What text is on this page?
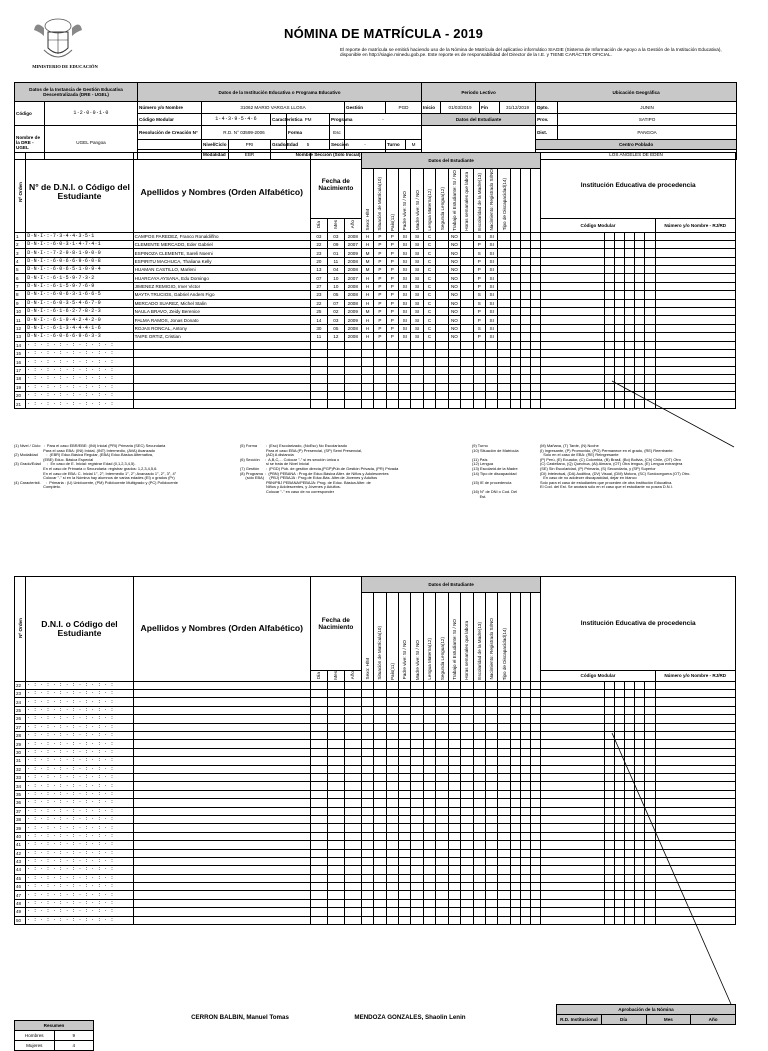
MINISTERIO DE EDUCACIÓN
NÓMINA DE MATRÍCULA - 2019
El reporte de matrícula se emitirá haciendo uso de la Nómina de Matrícula del aplicativo informático SIAGIE (Sistema de Información de Apoyo a la Gestión de la Institución Educativa), disponible en http://siagie.minedu.gob.pe. Este reporte es de responsabilidad del Director de la I.E. y TIENE CARÁCTER OFICIAL.
Datos de la Instancia de Gestión Educativa Descentralizada (DRE - UGEL)		Datos de la Institución Educativa o Programa Educativo									Periodo Lectivo				Ubicación Geográfica	
Código	1·2·0·0·1·0	Número y/o Nombre	31062 MARIO VARGAS LLOSA					Gestión	PGD		Inicio	01/03/2019	Fin	31/12/2019	Dpto.	JUNIN
		Código Modular	1·4·3·9·5·4·6		Característica	PM	Programa	-			Datos del Estudiante				Prov.	SATIPO
Nombre de la DRE - UGEL	UGEL Pangoa	Resolución de Creación N°	R.D. N° 03599-2006			Forma	Esc								Dist.	PANGOA
			Nivel/Ciclo	PRI	Grado/Edad	5	Sección	-	Turno	M					Centro Poblado	
			Modalidad	EBR	Nombre Sección (Solo Inicial)										LOS ANGELES DE EDEN	
Nº Orden	N° de D.N.I. o Código del Estudiante	Apellidos y Nombres (Orden Alfabético)	Fecha de Nacimiento			Datos del Estudiante															Institución Educativa de procedencia						
						Sexo: H/M	Situación de Matrícula(10)	País(11)	Padre vive: SI / NO	Madre vive: SI / NO	Lengua Materna(12)	Segunda Lengua(12)	Trabajo el Estudiante: SI / NO	Horas semanales que labora	Escolaridad de la Madre(13)	Nacimiento: Registrado SI/NO	Tipo de Discapacidad(14)										
			Día	Mes	Año																Código Modular						Número y/o Nombre - RJ/RD
1	D·N·I·:·7·3·4·4·3·5·1	CAMPOS PAREDEZ, Franco Ronaldiñho	03	03	2008	H	P	P	SI	SI	C		NO		S	SI											
2	D·N·I·:·6·0·3·1·4·7·4·1	CLEMENTE MERCADO, Eder Gabriel	22	09	2007	H	P	P	SI	SI	C		NO		P	SI											
3	D·N·I·:·7·2·9·8·1·9·0·0	ESPINOZA CLEMENTE, Sareli Noemi	23	01	2009	M	P	P	SI	SI	C		NO		S	SI											
4	D·N·I·:·6·0·6·6·9·6·0·8	ESPIRITU MACHUCA, Thaliana Kelly	20	11	2008	M	P	P	SI	SI	C		NO		P	SI											
5	D·N·I·:·6·0·6·5·1·0·9·4	HUAMAN CASTILLO, Marleni	13	04	2008	M	P	P	SI	SI	C		NO		P	SI											
6	D·N·I·:·6·1·5·9·7·3·2	HUARCAYA AYSANA, Edu Domingo	07	10	2007	H	P	P	SI	SI	C		NO		P	SI											
7	D·N·I·:·6·1·5·9·7·6·9	JIMENEZ REMIGIO, Imer Victor	27	10	2008	H	P	P	SI	SI	C		NO		P	SI											
8	D·N·I·:·6·0·6·3·1·6·6·5	MAYTA TRUCIOS, Gabriel Anders Figo	23	05	2008	H	P	P	SI	SI	C		NO		S	SI											
9	D·N·I·:·6·0·3·5·4·6·7·9	MERCADO SUAREZ, Michel Stalin	22	07	2008	H	P	P	SI	SI	C		NO		S	SI											
10	D·N·I·:·6·1·6·2·7·8·2·3	NAULA BRAVO, Zeidy Berenice	25	02	2009	M	P	P	SI	SI	C		NO		P	SI											
11	D·N·I·:·6·1·9·4·2·4·2·0	PALMA RAMOS, Jonas Donato	14	03	2009	H	P	P	SI	SI	C		NO		P	SI											
12	D·N·I·:·6·1·3·4·4·4·1·6	ROJAS RONCAL, Antony	30	05	2008	H	P	P	SI	SI	C		NO		S	SI											
13	D·N·I·:·6·0·6·6·9·6·3·3	TAIPE ORTIZ, Cristian	11	12	2008	H	P	P	SI	SI	C		NO		P	SI											
14	· : · : · : · : · : · : · :																										
15	· : · : · : · : · : · : · :																										
16	· : · : · : · : · : · : · :																										
17	· : · : · : · : · : · : · :																										
18	· : · : · : · : · : · : · :																										
19	· : · : · : · : · : · : · :																										
20	· : · : · : · : · : · : · :																										
21	· : · : · : · : · : · : · :																										
(1) Nivel / Ciclo   :  Para el caso EBR/EBE: (INI) Inicial (PRI) Primaria (SEC) Secundaria
Para el caso EBA: (INI) Inicial, (INT) Intermedio, (AVA) Avanzado
(2) Modalidad        :  (EBR) Educ.Básica Regular, (EBA) Educ.Básica Alternativa,
(EBE) Educ. Básica Especial
(3) Grado/Edad      :  En caso de E. Inicial: registrar Edad (0,1,2,3,4,5).
En el caso de Primaria o Secundaria: registrar grados: 1,2,3,4,5,6.
En el caso de EBA: C. Inicial 1°, 2°; Intermedio 1°, 2°; Avanzado 1°, 2°, 3°, 4°
Colocar "-" si en la Nómina hay alumnos de varias edades (EI) o grados (Pr)
(4) Caracteristi.     :  Primaria : (U) Unidocente, (PM) Polidocente Multigrado y (PC) Polidocente
Completo.
(5) Forma        :  (Esc) Escolarizado, (NoEsc) No Escolarizado
Para el caso EBA:(P) Presencial, (SP) Semi Presencial,
(AD) A distancia
(6) Sección     :  A,B,C,... Colocar "-" si es sección única o
si se trata de Nivel Inicial
(7) Gestión      :  (PGD) Púb. de gestión directa,(PGP)Púb.de Gestión Privada, (PR) Privada
(8) Programa  :  (PBN) PEBANA : Prog.de Educ.Básica Alter. de Niños y Adolescentes
(sólo EBA)     (PBJ) PEBAJA : Prog.de Educ.Bás. Alter.de Jóvenes y Adultos
PBN/PBJ PEBANA/PEBAJA: Prog. de Educ. Básica Alter. de
Niños y Adolescentes, y Jóvenes y Adultos.
Colocar "-" en caso de no corresponder
(9) Turno
(10) Situación de Matrícula

(11) País
(12) Lengua
(13) Escolarid.de la Madre
(14) Tipo de discapacidad

(15) IE de procedencia

(16) N° de DNI o Cod. Del
Est.
(M) Mañana, (T) Tarde, (N) Noche
(I) Ingresante, (P) Promovido, (PG) Permanece en el grado, (RE) Reentrante.
Solo en el caso de EBA: (RE) Reingresante
(P) Perú, (E) Ecuador, (C) Colombia, (B) Brasil, (Bo) Bolivia, (Ch) Chile, (OT) Otro
(C) Castellano, (Q) Quechua, (Ai) Aimara, (OT) Otra lengua, (E) Lengua extranjera
(SE) Sin Escolaridad, (P) Primaria, (S) Secundaria, y (SP) Superior
(DI) Intelectual, (DA) Auditiva, (DV) Visual, (DM) Motora, (SC) Sordoceguera (OT) Otro.
En caso de no adolecer discapacidad, dejar en blanco
Solo para el caso de estudiantes que proceden de otra Institución Educativa.
El Cod. del Est. Se anotará sólo en el caso que el estudiante no posea D.N.I.
Nº Orden	D.N.I. o Código del Estudiante	Apellidos y Nombres (Orden Alfabético)	Fecha de Nacimiento			Datos del Estudiante															Institución Educativa de procedencia						
						Sexo: H/M	Situación de Matrícula(10)	País(11)	Padre vive: SI / NO	Madre vive: SI / NO	Lengua Materna(12)	Segunda Lengua(12)	Trabajo el Estudiante: SI / NO	Horas semanales que labora	Escolaridad de la Madre(13)	Nacimiento: Registrado SI/NO	Tipo de Discapacidad(14)										
			Día	Mes	Año																Código Modular						Número y/o Nombre - RJ/RD
22	· : · : · : · : · : · : · :																										
23	· : · : · : · : · : · : · :																										
24	· : · : · : · : · : · : · :																										
25	· : · : · : · : · : · : · :																										
26	· : · : · : · : · : · : · :																										
27	· : · : · : · : · : · : · :																										
28	· : · : · : · : · : · : · :																										
29	· : · : · : · : · : · : · :																										
30	· : · : · : · : · : · : · :																										
31	· : · : · : · : · : · : · :																										
32	· : · : · : · : · : · : · :																										
33	· : · : · : · : · : · : · :																										
34	· : · : · : · : · : · : · :																										
35	· : · : · : · : · : · : · :																										
36	· : · : · : · : · : · : · :																										
37	· : · : · : · : · : · : · :																										
38	· : · : · : · : · : · : · :																										
39	· : · : · : · : · : · : · :																										
40	· : · : · : · : · : · : · :																										
41	· : · : · : · : · : · : · :																										
42	· : · : · : · : · : · : · :																										
43	· : · : · : · : · : · : · :																										
44	· : · : · : · : · : · : · :																										
45	· : · : · : · : · : · : · :																										
46	· : · : · : · : · : · : · :																										
47	· : · : · : · : · : · : · :																										
48	· : · : · : · : · : · : · :																										
49	· : · : · : · : · : · : · :																										
50	· : · : · : · : · : · : · :																										
Resumen	
Hombres	9
Mujeres	4
CERRON BALBIN, Manuel Tomas	MENDOZA GONZALES, Shaolin Lenin
Aprobación de la Nómina
R.D. Institucional	Día	Mes	Año
